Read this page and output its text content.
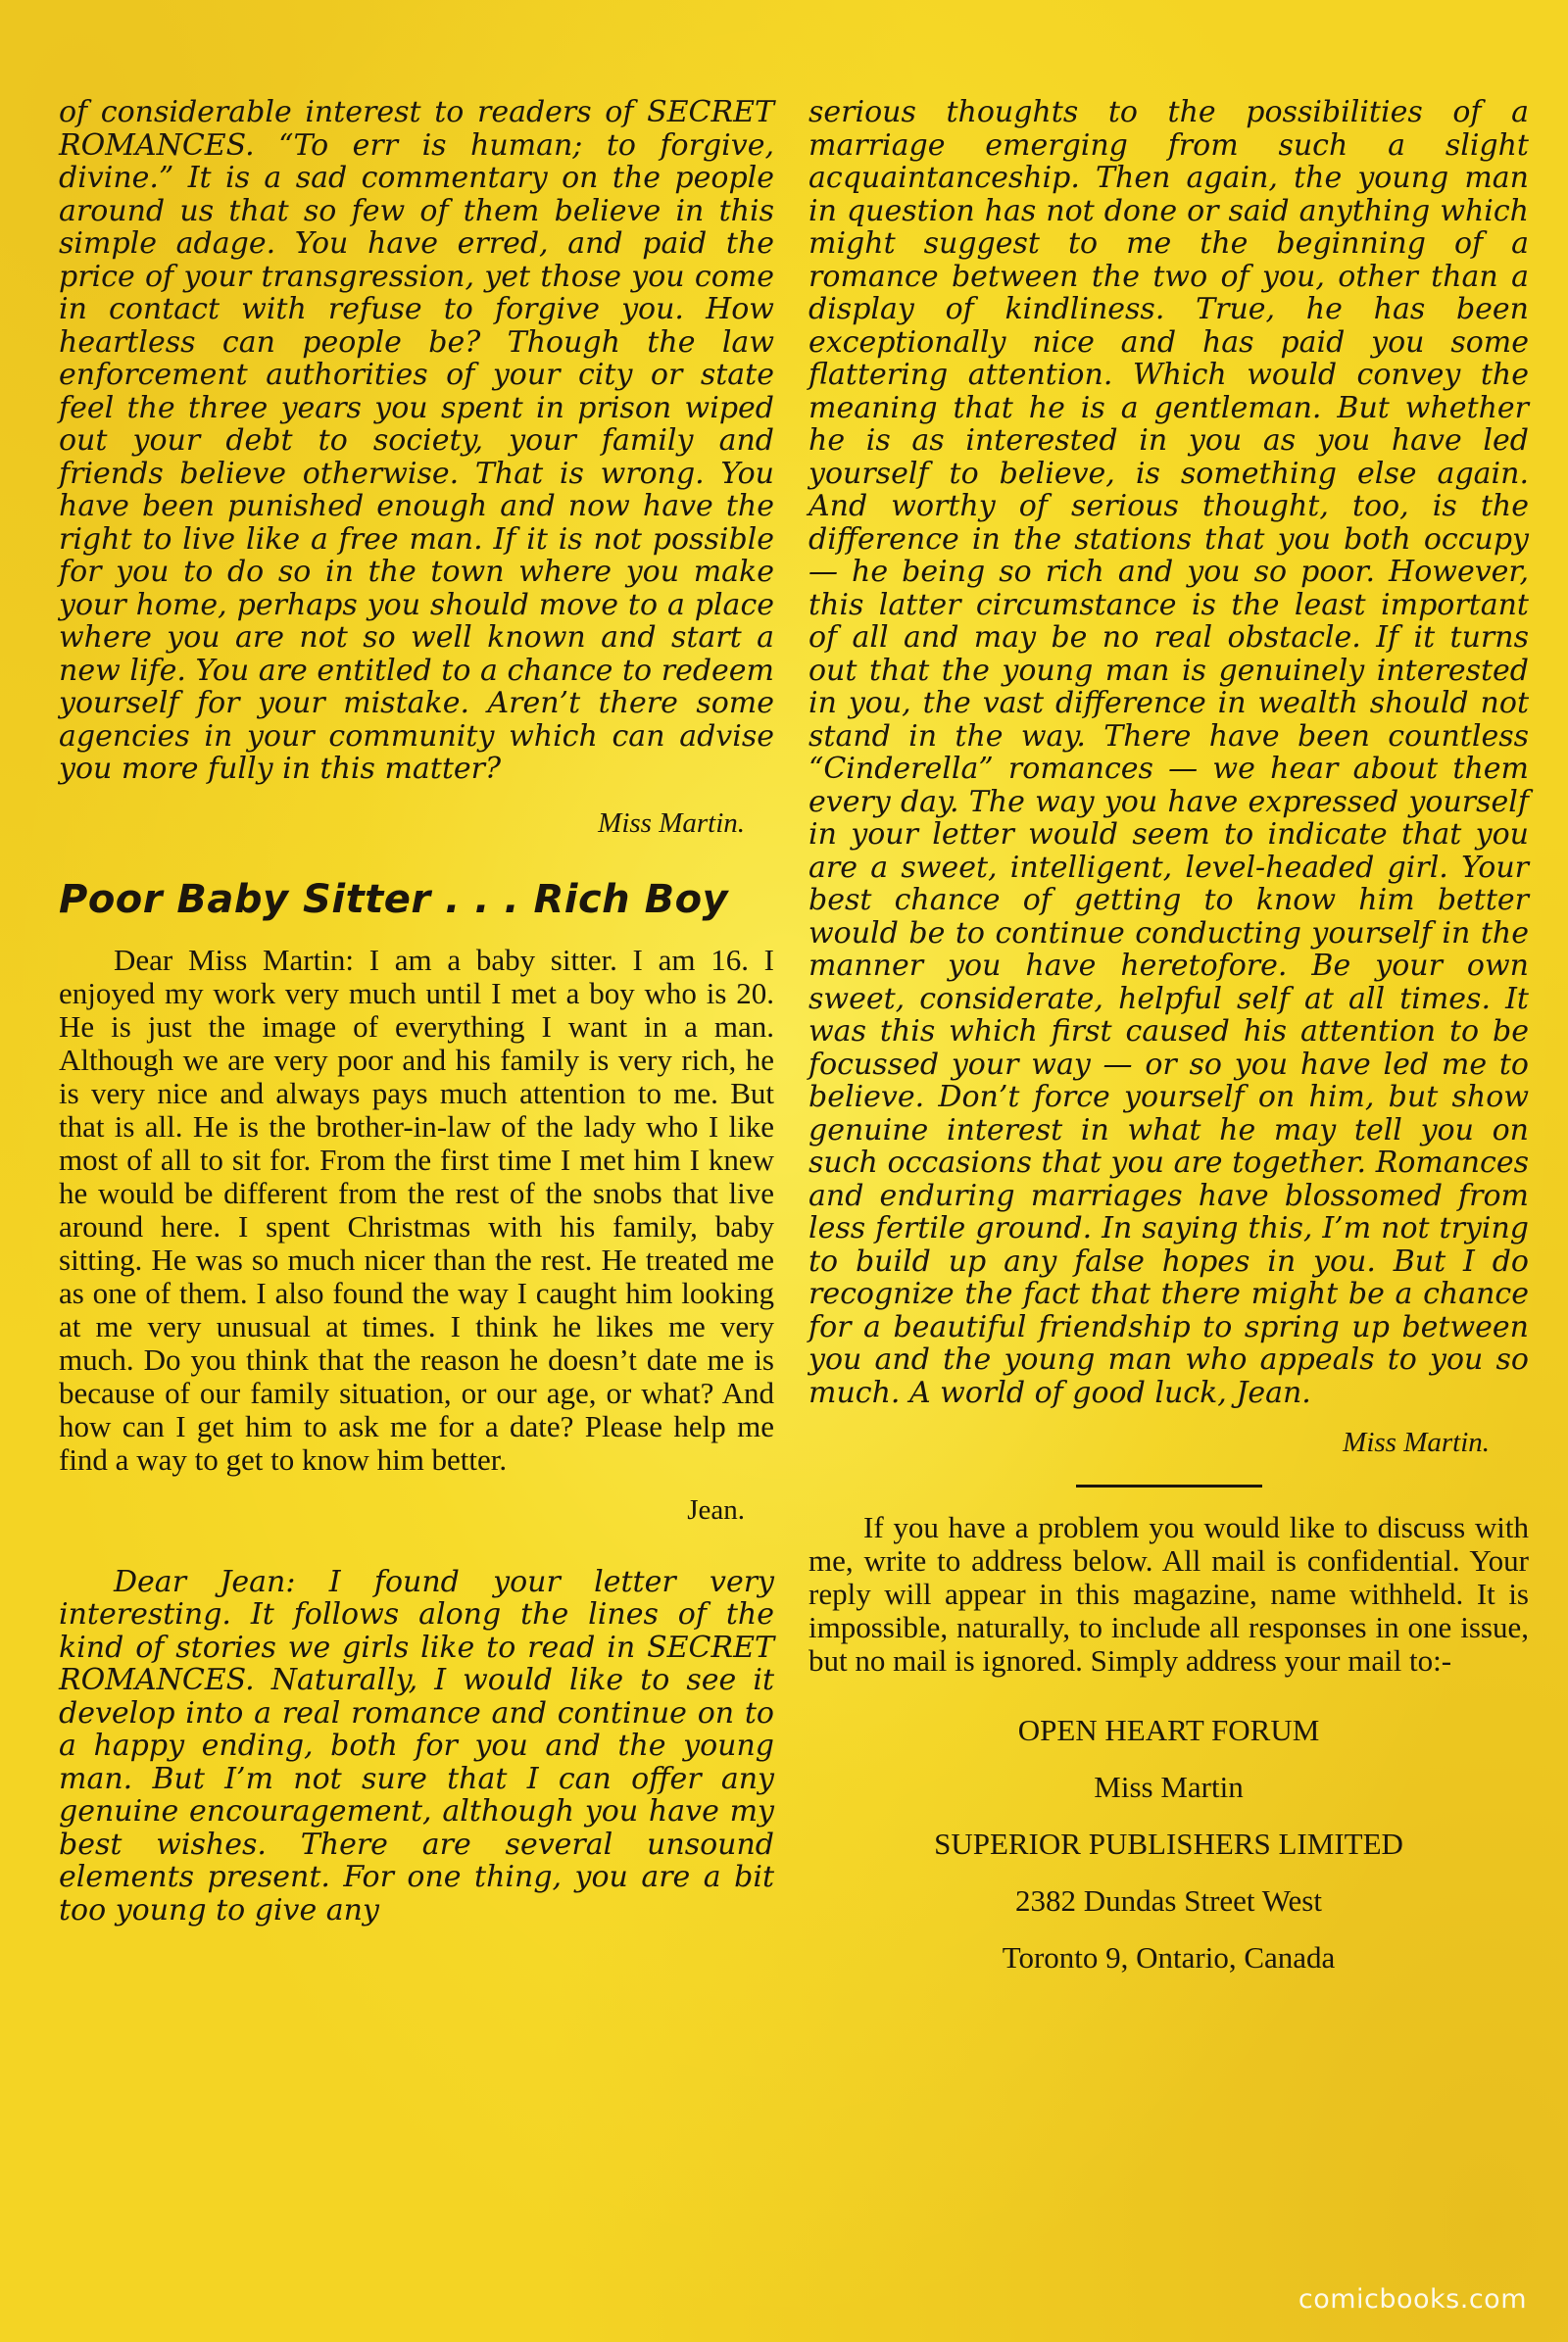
of considerable interest to readers of SECRET ROMANCES. “To err is human; to forgive, divine.” It is a sad commentary on the people around us that so few of them believe in this simple adage. You have erred, and paid the price of your transgression, yet those you come in contact with refuse to forgive you. How heartless can people be? Though the law enforcement authorities of your city or state feel the three years you spent in prison wiped out your debt to society, your family and friends believe otherwise. That is wrong. You have been punished enough and now have the right to live like a free man. If it is not possible for you to do so in the town where you make your home, perhaps you should move to a place where you are not so well known and start a new life. You are entitled to a chance to redeem yourself for your mistake. Aren’t there some agencies in your community which can advise you more fully in this matter?

Miss Martin.

Poor Baby Sitter . . . Rich Boy

Dear Miss Martin: I am a baby sitter. I am 16. I enjoyed my work very much until I met a boy who is 20. He is just the image of everything I want in a man. Although we are very poor and his family is very rich, he is very nice and always pays much attention to me. But that is all. He is the brother-in-law of the lady who I like most of all to sit for. From the first time I met him I knew he would be different from the rest of the snobs that live around here. I spent Christmas with his family, baby sitting. He was so much nicer than the rest. He treated me as one of them. I also found the way I caught him looking at me very unusual at times. I think he likes me very much. Do you think that the reason he doesn’t date me is because of our family situation, or our age, or what? And how can I get him to ask me for a date? Please help me find a way to get to know him better.

Jean.

Dear Jean: I found your letter very interesting. It follows along the lines of the kind of stories we girls like to read in SECRET ROMANCES. Naturally, I would like to see it develop into a real romance and continue on to a happy ending, both for you and the young man. But I’m not sure that I can offer any genuine encouragement, although you have my best wishes. There are several unsound elements present. For one thing, you are a bit too young to give any

serious thoughts to the possibilities of a marriage emerging from such a slight acquaintanceship. Then again, the young man in question has not done or said anything which might suggest to me the beginning of a romance between the two of you, other than a display of kindliness. True, he has been exceptionally nice and has paid you some flattering attention. Which would convey the meaning that he is a gentleman. But whether he is as interested in you as you have led yourself to believe, is something else again. And worthy of serious thought, too, is the difference in the stations that you both occupy — he being so rich and you so poor. However, this latter circumstance is the least important of all and may be no real obstacle. If it turns out that the young man is genuinely interested in you, the vast difference in wealth should not stand in the way. There have been countless “Cinderella” romances — we hear about them every day. The way you have expressed yourself in your letter would seem to indicate that you are a sweet, intelligent, level-headed girl. Your best chance of getting to know him better would be to continue conducting yourself in the manner you have heretofore. Be your own sweet, considerate, helpful self at all times. It was this which first caused his attention to be focussed your way — or so you have led me to believe. Don’t force yourself on him, but show genuine interest in what he may tell you on such occasions that you are together. Romances and enduring marriages have blossomed from less fertile ground. In saying this, I’m not trying to build up any false hopes in you. But I do recognize the fact that there might be a chance for a beautiful friendship to spring up between you and the young man who appeals to you so much. A world of good luck, Jean.

Miss Martin.

If you have a problem you would like to discuss with me, write to address below. All mail is confidential. Your reply will appear in this magazine, name withheld. It is impossible, naturally, to include all responses in one issue, but no mail is ignored. Simply address your mail to:-

OPEN HEART FORUM
Miss Martin
SUPERIOR PUBLISHERS LIMITED
2382 Dundas Street West
Toronto 9, Ontario, Canada
comicbooks.com
